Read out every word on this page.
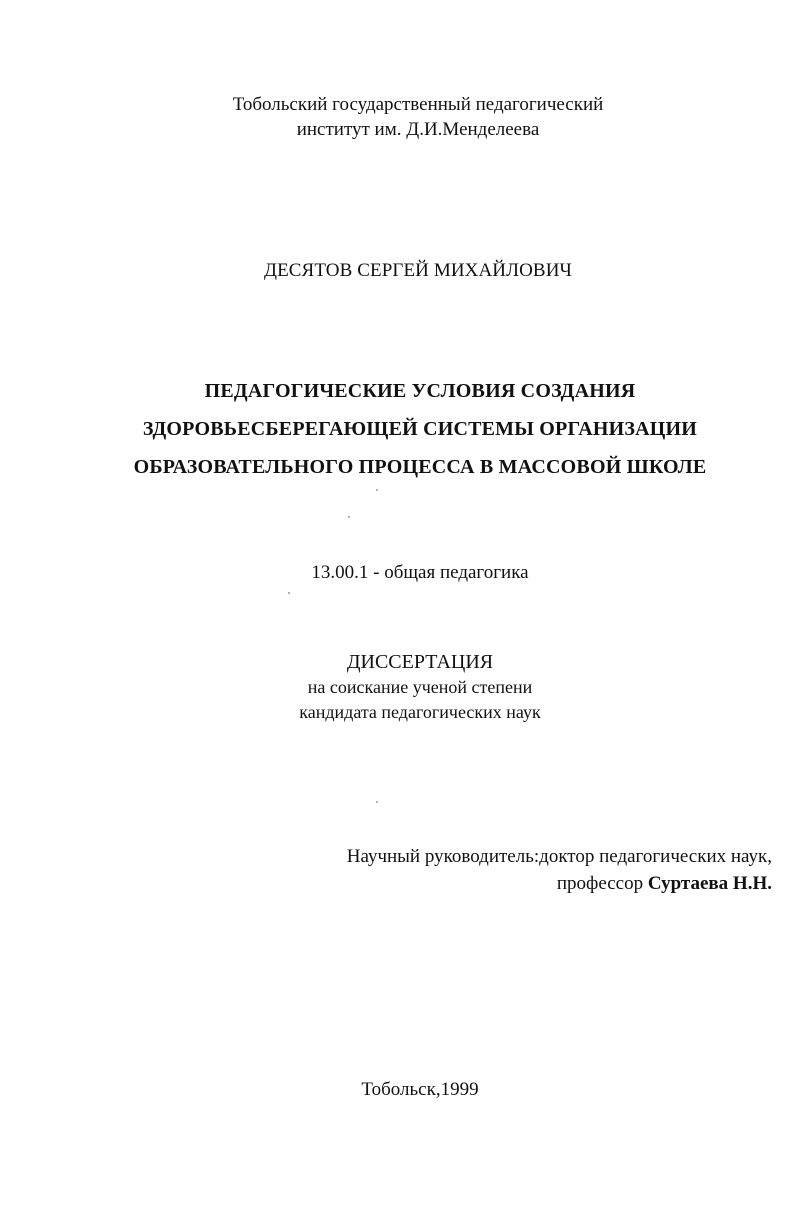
Тобольский государственный педагогический
институт им. Д.И.Менделеева
ДЕСЯТОВ СЕРГЕЙ МИХАЙЛОВИЧ
ПЕДАГОГИЧЕСКИЕ УСЛОВИЯ СОЗДАНИЯ
ЗДОРОВЬЕСБЕРЕГАЮЩЕЙ СИСТЕМЫ ОРГАНИЗАЦИИ
ОБРАЗОВАТЕЛЬНОГО ПРОЦЕССА В МАССОВОЙ ШКОЛЕ
13.00.1 - общая педагогика
ДИССЕРТАЦИЯ
на соискание ученой степени
кандидата педагогических наук
Научный руководитель:доктор педагогических наук,
профессор Суртаева Н.Н.
Тобольск,1999
